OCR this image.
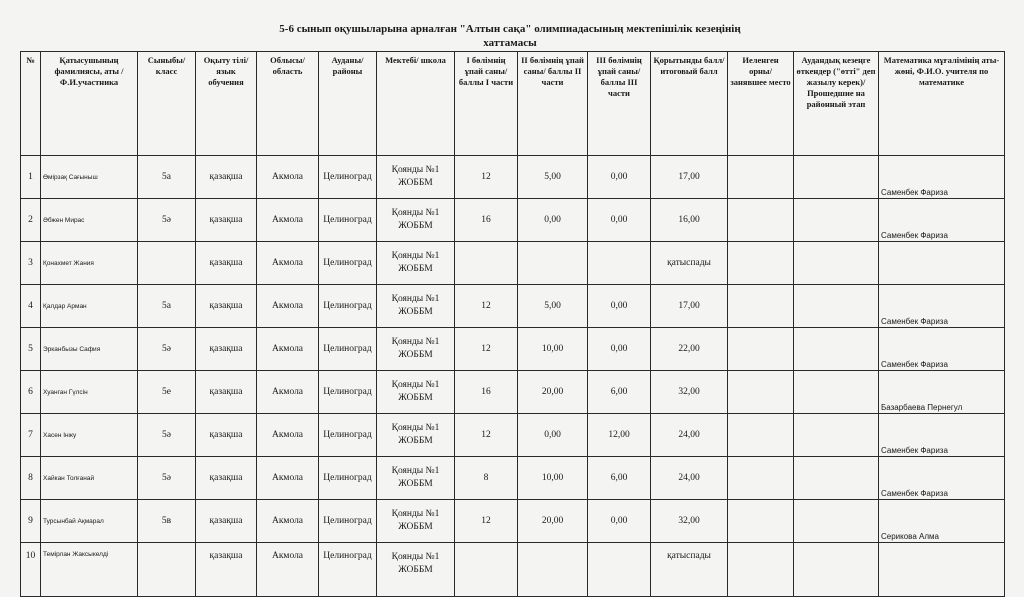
5-6 сынып оқушыларына арналған "Алтын сақа" олимпиадасының мектепішілік кезеңінің
хаттамасы
№	Қатысушының фамилиясы, аты /Ф.И.участника	Сыныбы/класс	Оқыту тілі/ язык обучения	Облысы/ область	Ауданы/ районы	Мектебі/ школа	І бөлімнің ұпай саны/ баллы I части	ІІ бөлімнің ұпай саны/ баллы II части	ІІІ бөлімнің ұпай саны/ баллы III части	Қорытынды балл/ итоговый балл	Иеленген орны/ занявшее место	Аудандық кезеңге өткендер ("өтті" деп жазылу керек)/ Прошедшие на районный этап	Математика мұғалімінің аты-жөні, Ф.И.О. учителя по математике
1	Өмірзақ Сағыныш	5а	қазақша	Акмола	Целиноград	Қоянды №1 ЖОББМ	12	5,00	0,00	17,00			Саменбек Фариза
2	Әбжен Мирас	5ә	қазақша	Акмола	Целиноград	Қоянды №1 ЖОББМ	16	0,00	0,00	16,00			Саменбек Фариза
3	Қонахмет Жания		қазақша	Акмола	Целиноград	Қоянды №1 ЖОББМ				қатыспады			
4	Қалдар Арман	5а	қазақша	Акмола	Целиноград	Қоянды №1 ЖОББМ	12	5,00	0,00	17,00			Саменбек Фариза
5	Эрканбызы Сафия	5ә	қазақша	Акмола	Целиноград	Қоянды №1 ЖОББМ	12	10,00	0,00	22,00			Саменбек Фариза
6	Хуанган Гүлсін	5е	қазақша	Акмола	Целиноград	Қоянды №1 ЖОББМ	16	20,00	6,00	32,00			Базарбаева Пернегул
7	Хасен Інжу	5ә	қазақша	Акмола	Целиноград	Қоянды №1 ЖОББМ	12	0,00	12,00	24,00			Саменбек Фариза
8	Хайкан Толғанай	5ә	қазақша	Акмола	Целиноград	Қоянды №1 ЖОББМ	8	10,00	6,00	24,00			Саменбек Фариза
9	Турсынбай Ақмарал	5в	қазақша	Акмола	Целиноград	Қоянды №1 ЖОББМ	12	20,00	0,00	32,00			Серикова Алма
10	Темірлан Жаксыкелді		қазақша	Акмола	Целиноград	Қоянды №1 ЖОББМ				қатыспады			
